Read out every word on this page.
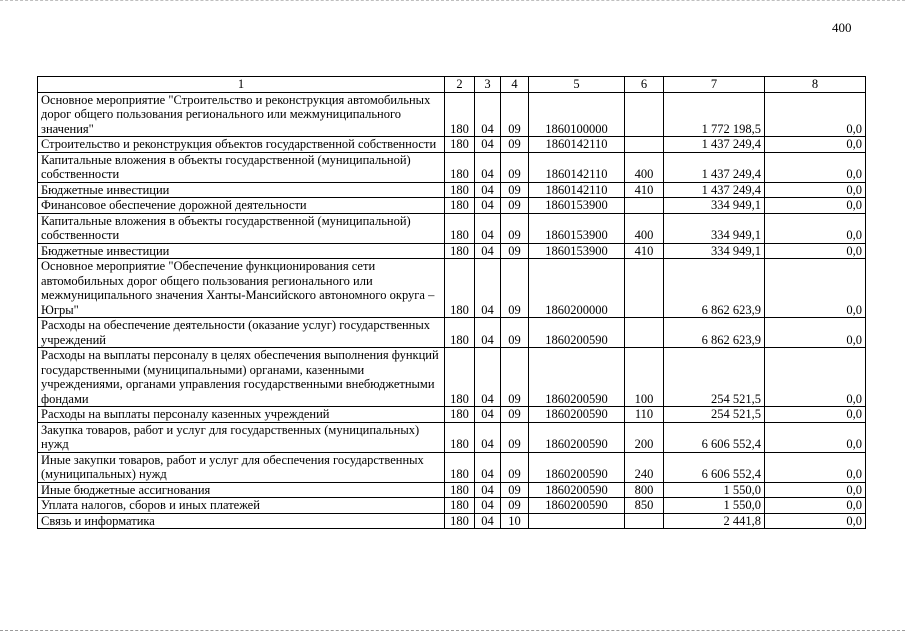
400
1	2	3	4	5	6	7	8
Основное мероприятие "Строительство и реконструкция автомобильных дорог общего пользования регионального или межмуниципального значения"	180	04	09	1860100000		1 772 198,5	0,0
Строительство и реконструкция объектов государственной собственности	180	04	09	1860142110		1 437 249,4	0,0
Капитальные вложения в объекты государственной (муниципальной) собственности	180	04	09	1860142110	400	1 437 249,4	0,0
Бюджетные инвестиции	180	04	09	1860142110	410	1 437 249,4	0,0
Финансовое обеспечение дорожной деятельности	180	04	09	1860153900		334 949,1	0,0
Капитальные вложения в объекты государственной (муниципальной) собственности	180	04	09	1860153900	400	334 949,1	0,0
Бюджетные инвестиции	180	04	09	1860153900	410	334 949,1	0,0
Основное мероприятие "Обеспечение функционирования сети автомобильных дорог общего пользования регионального или межмуниципального значения Ханты-Мансийского автономного округа – Югры"	180	04	09	1860200000		6 862 623,9	0,0
Расходы на обеспечение деятельности (оказание услуг) государственных учреждений	180	04	09	1860200590		6 862 623,9	0,0
Расходы на выплаты персоналу в целях обеспечения выполнения функций государственными (муниципальными) органами, казенными учреждениями, органами управления государственными внебюджетными фондами	180	04	09	1860200590	100	254 521,5	0,0
Расходы на выплаты персоналу казенных учреждений	180	04	09	1860200590	110	254 521,5	0,0
Закупка товаров, работ и услуг для государственных (муниципальных) нужд	180	04	09	1860200590	200	6 606 552,4	0,0
Иные закупки товаров, работ и услуг для обеспечения государственных (муниципальных) нужд	180	04	09	1860200590	240	6 606 552,4	0,0
Иные бюджетные ассигнования	180	04	09	1860200590	800	1 550,0	0,0
Уплата налогов, сборов и иных платежей	180	04	09	1860200590	850	1 550,0	0,0
Связь и информатика	180	04	10			2 441,8	0,0
